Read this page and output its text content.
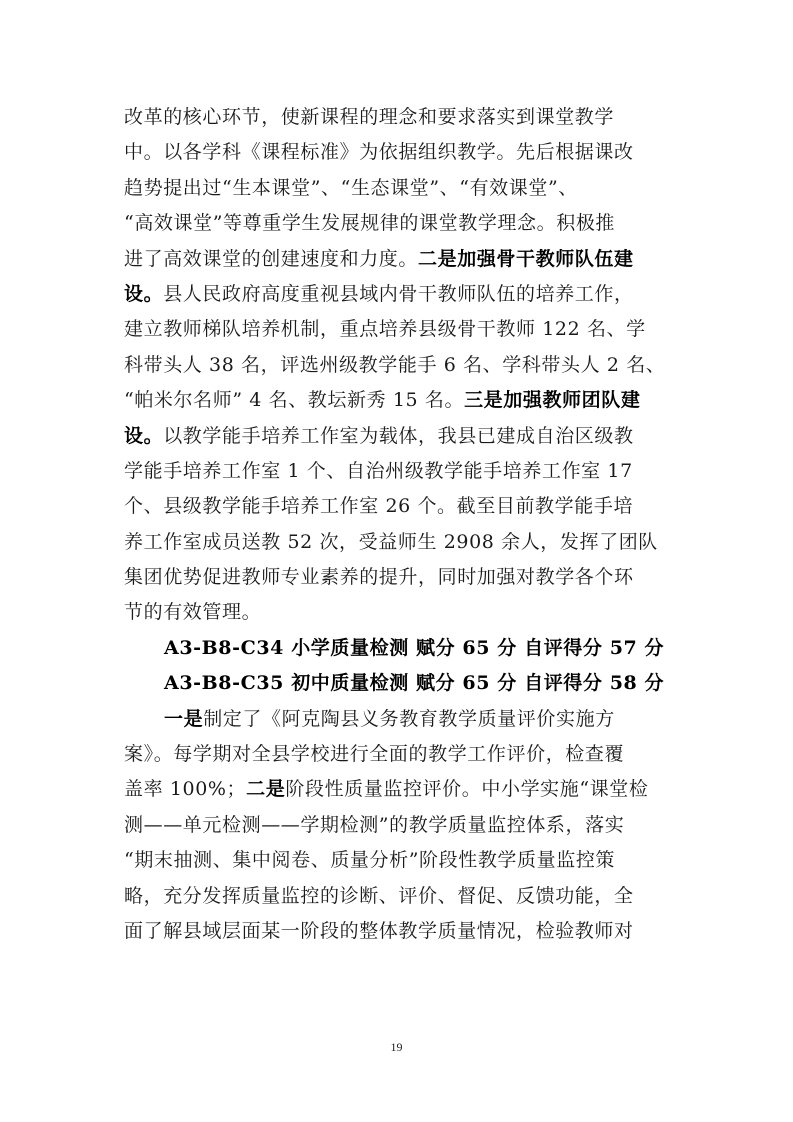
改革的核心环节，使新课程的理念和要求落实到课堂教学
中。以各学科《课程标准》为依据组织教学。先后根据课改
趋势提出过“生本课堂”、“生态课堂”、“有效课堂”、
“高效课堂”等尊重学生发展规律的课堂教学理念。积极推
进了高效课堂的创建速度和力度。二是加强骨干教师队伍建
设。县人民政府高度重视县域内骨干教师队伍的培养工作，
建立教师梯队培养机制，重点培养县级骨干教师 122 名、学
科带头人 38 名，评选州级教学能手 6 名、学科带头人 2 名、
“帕米尔名师” 4 名、教坛新秀 15 名。三是加强教师团队建
设。以教学能手培养工作室为载体，我县已建成自治区级教
学能手培养工作室 1 个、自治州级教学能手培养工作室 17
个、县级教学能手培养工作室 26 个。截至目前教学能手培
养工作室成员送教 52 次，受益师生 2908 余人，发挥了团队
集团优势促进教师专业素养的提升，同时加强对教学各个环
节的有效管理。
A3-B8-C34 小学质量检测 赋分 65 分 自评得分 57 分
A3-B8-C35 初中质量检测 赋分 65 分 自评得分 58 分
一是制定了《阿克陶县义务教育教学质量评价实施方
案》。每学期对全县学校进行全面的教学工作评价，检查覆
盖率 100%；二是阶段性质量监控评价。中小学实施“课堂检
测——单元检测——学期检测”的教学质量监控体系，落实
“期末抽测、集中阅卷、质量分析”阶段性教学质量监控策
略，充分发挥质量监控的诊断、评价、督促、反馈功能，全
面了解县域层面某一阶段的整体教学质量情况，检验教师对
19
